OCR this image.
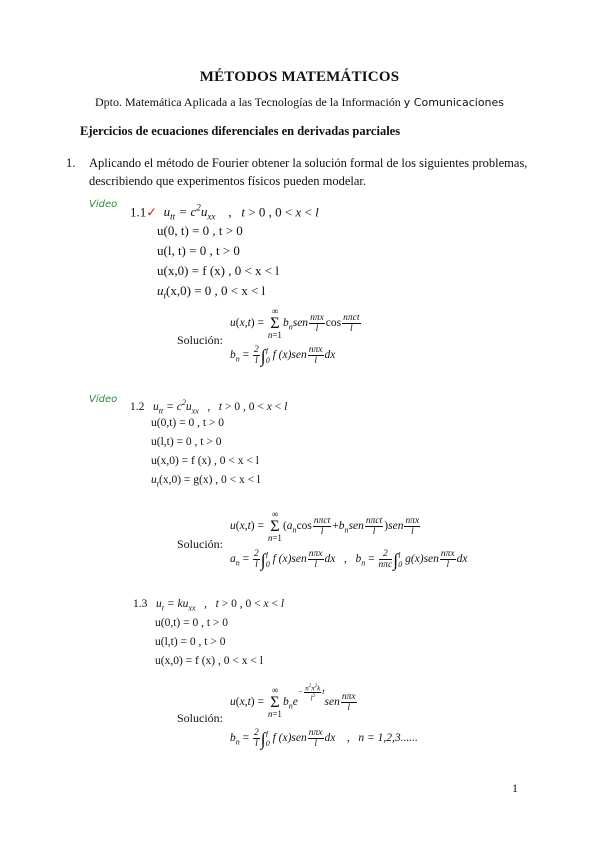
MÉTODOS MATEMÁTICOS
Dpto. Matemática Aplicada a las Tecnologías de la Información y Comunicaciones
Ejercicios de ecuaciones diferenciales en derivadas parciales
1. Aplicando el método de Fourier obtener la solución formal de los siguientes problemas, describiendo que experimentos físicos pueden modelar.
Video 1.1✓  $u_{tt} = c^2u_{xx}$    ,   t > 0 , 0 < x < l
u(0, t) = 0 , t > 0
u(l, t) = 0 , t > 0
u(x,0) = f (x) , 0 < x < l
$u_t(x,0) = 0$ , 0 < x < l
Solución:
u(x,t) = ∞
Σ
$n=1b_nsen \frac{\text{nπx}}{l}$ $\cos \frac{\text{nπct}}{l}$
$b_n = \frac{2}{l} \int l$
0 f $(x)sen \frac{\text{nπx}}{l}$ dx
Vídeo
1.2 $u_{tt} = c^2u_{xx}$   ,   t > 0 , 0 < x < l
u(0,t) = 0 , t > 0
u(l,t) = 0 , t > 0
u(x,0) = f (x) , 0 < x < l
$u_t(x,0) = g(x)$ , 0 < x < l
Solución:
u(x,t) = ∞
Σ
$n=1(a_n\cos \frac{\text{nπct}}{l} +b_nsen \frac{\text{nπct}}{l} )sen \frac{\text{nπx}}{l}$
$a_n = \frac{2}{l} \int l$
0 f $(x)sen \frac{\text{nπx}}{l}$ dx   ,   $b_n = \frac{2}{\text{nπc}} \int l$
0 $g(x)sen \frac{\text{nπx}}{l}$ dx
1.3 $u_t = ku_{xx}$   ,   t > 0 , 0 < x < l
u(0,t) = 0 , t > 0
u(l,t) = 0 , t > 0
u(x,0) = f (x) , 0 < x < l
Solución:
u(x,t) = ∞
Σ
$n=1b_ne^{- \frac{n^2\pi^2k}{l^2} t}sen \frac{\text{nπx}}{l}$
$b_n = \frac{2}{l} \int l$
0 f $(x)sen \frac{\text{nπx}}{l}$ dx    ,   n = 1,2,3......
1
